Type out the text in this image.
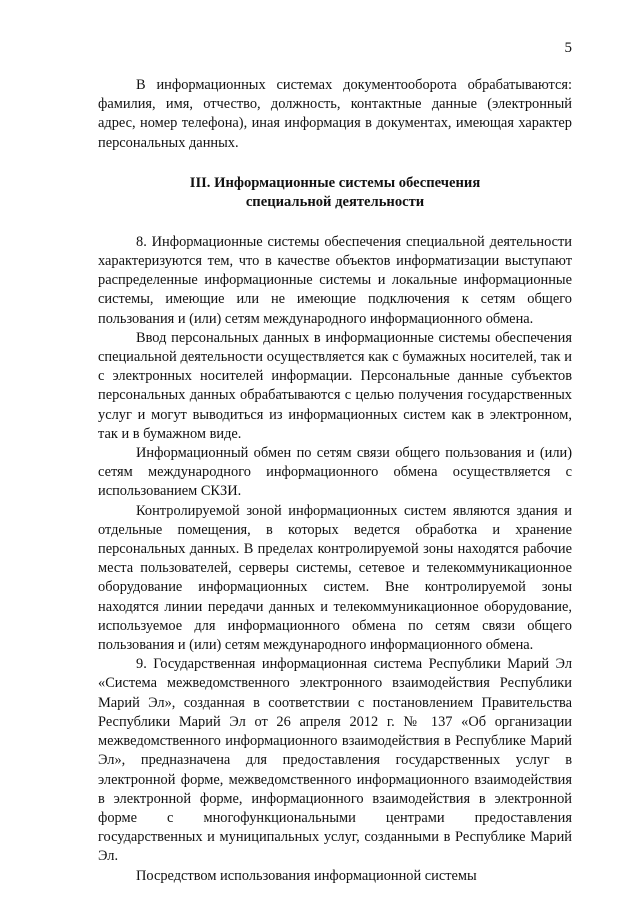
5

В информационных системах документооборота обрабатываются: фамилия, имя, отчество, должность, контактные данные (электронный адрес, номер телефона), иная информация в документах, имеющая характер персональных данных.

III. Информационные системы обеспечения специальной деятельности

8. Информационные системы обеспечения специальной деятельности характеризуются тем, что в качестве объектов информатизации выступают распределенные информационные системы и локальные информационные системы, имеющие или не имеющие подключения к сетям общего пользования и (или) сетям международного информационного обмена.

Ввод персональных данных в информационные системы обеспечения специальной деятельности осуществляется как с бумажных носителей, так и с электронных носителей информации. Персональные данные субъектов персональных данных обрабатываются с целью получения государственных услуг и могут выводиться из информационных систем как в электронном, так и в бумажном виде.

Информационный обмен по сетям связи общего пользования и (или) сетям международного информационного обмена осуществляется с использованием СКЗИ.

Контролируемой зоной информационных систем являются здания и отдельные помещения, в которых ведется обработка и хранение персональных данных. В пределах контролируемой зоны находятся рабочие места пользователей, серверы системы, сетевое и телекоммуникационное оборудование информационных систем. Вне контролируемой зоны находятся линии передачи данных и телекоммуникационное оборудование, используемое для информационного обмена по сетям связи общего пользования и (или) сетям международного информационного обмена.

9. Государственная информационная система Республики Марий Эл «Система межведомственного электронного взаимодействия Республики Марий Эл», созданная в соответствии с постановлением Правительства Республики Марий Эл от 26 апреля 2012 г. № 137 «Об организации межведомственного информационного взаимодействия в Республике Марий Эл», предназначена для предоставления государственных услуг в электронной форме, межведомственного информационного взаимодействия в электронной форме, информационного взаимодействия в электронной форме с многофункциональными центрами предоставления государственных и муниципальных услуг, созданными в Республике Марий Эл.

Посредством использования информационной системы
